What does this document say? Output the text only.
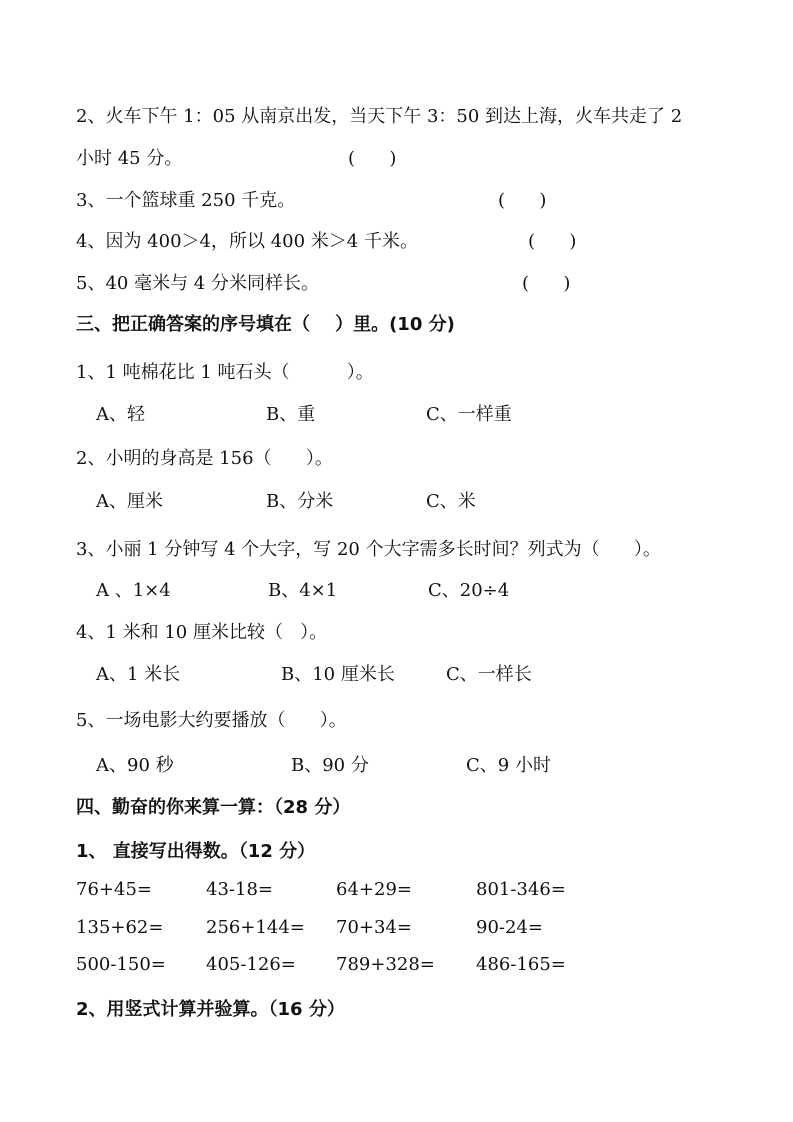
2、火车下午 1：05 从南京出发，当天下午 3：50 到达上海，火车共走了 2
小时 45 分。	(      )
3、一个篮球重 250 千克。	(      )
4、因为 400＞4，所以 400 米＞4 千米。	(      )
5、40 毫米与 4 分米同样长。	(      )
三、把正确答案的序号填在（    ）里。(10 分)
1、1 吨棉花比 1 吨石头（          ）。
A、轻	B、重	C、一样重
2、小明的身高是 156（      ）。
A、厘米	B、分米	C、米
3、小丽 1 分钟写 4 个大字，写 20 个大字需多长时间？列式为（      ）。
A 、1×4	B、4×1	C、20÷4
4、1 米和 10 厘米比较（   ）。
A、1 米长	B、10 厘米长	C、一样长
5、一场电影大约要播放（      ）。
A、90 秒	B、90 分	C、9 小时
四、勤奋的你来算一算：（28 分）
1、 直接写出得数。（12 分）
76+45=	43-18=	64+29=	801-346=
135+62= 256+144= 70+34=	90-24=
500-150= 405-126= 789+328= 486-165=
2、用竖式计算并验算。（16 分）
